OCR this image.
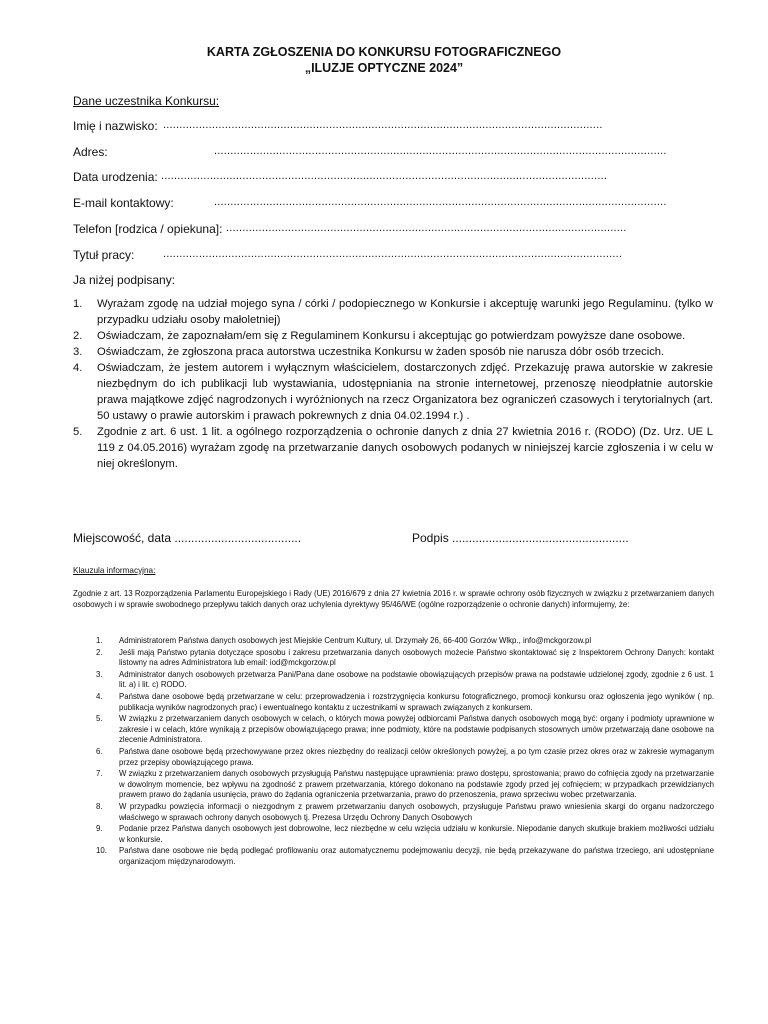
KARTA ZGŁOSZENIA DO KONKURSU FOTOGRAFICZNEGO
„ILUZJE OPTYCZNE 2024”
Dane uczestnika Konkursu:
Imię i nazwisko: .......................................................................................................................................
Adres:	...........................................................................................................................................
Data urodzenia: .........................................................................................................................................
E-mail kontaktowy:	...........................................................................................................................................
Telefon [rodzica / opiekuna]: ...........................................................................................................................
Tytuł pracy:	.............................................................................................................................................
Ja niżej podpisany:
1. Wyrażam zgodę na udział mojego syna / córki / podopiecznego w Konkursie i akceptuję warunki jego Regulaminu. (tylko w przypadku udziału osoby małoletniej)
2. Oświadczam, że zapoznałam/em się z Regulaminem Konkursu i akceptując go potwierdzam powyższe dane osobowe.
3. Oświadczam, że zgłoszona praca autorstwa uczestnika Konkursu w żaden sposób nie narusza dóbr osób trzecich.
4. Oświadczam, że jestem autorem i wyłącznym właścicielem, dostarczonych zdjęć. Przekazuję prawa autorskie w zakresie niezbędnym do ich publikacji lub wystawiania, udostępniania na stronie internetowej, przenoszę nieodpłatnie autorskie prawa majątkowe zdjęć nagrodzonych i wyróżnionych na rzecz Organizatora bez ograniczeń czasowych i terytorialnych (art. 50 ustawy o prawie autorskim i prawach pokrewnych z dnia 04.02.1994 r.) .
5. Zgodnie z art. 6 ust. 1 lit. a ogólnego rozporządzenia o ochronie danych z dnia 27 kwietnia 2016 r. (RODO) (Dz. Urz. UE L 119 z 04.05.2016) wyrażam zgodę na przetwarzanie danych osobowych podanych w niniejszej karcie zgłoszenia i w celu w niej określonym.
Miejscowość, data ......................................	Podpis .....................................................
Klauzula informacyjna:
Zgodnie z art. 13 Rozporządzenia Parlamentu Europejskiego i Rady (UE) 2016/679 z dnia 27 kwietnia 2016 r. w sprawie ochrony osób fizycznych w związku z przetwarzaniem danych osobowych i w sprawie swobodnego przepływu takich danych oraz uchylenia dyrektywy 95/46/WE (ogólne rozporządzenie o ochronie danych) informujemy, że:
1. Administratorem Państwa danych osobowych jest Miejskie Centrum Kultury, ul. Drzymały 26, 66-400 Gorzów Wlkp., info@mckgorzow.pl
2. Jeśli mają Państwo pytania dotyczące sposobu i zakresu przetwarzania danych osobowych możecie Państwo skontaktować się z Inspektorem Ochrony Danych: kontakt listowny na adres Administratora lub email: iod@mckgorzow.pl
3. Administrator danych osobowych przetwarza Pani/Pana dane osobowe na podstawie obowiązujących przepisów prawa na podstawie udzielonej zgody, zgodnie z 6 ust. 1 lit. a) i lit. c) RODO.
4. Państwa dane osobowe będą przetwarzane w celu: przeprowadzenia i rozstrzygnięcia konkursu fotograficznego, promocji konkursu oraz ogłoszenia jego wyników ( np. publikacja wyników nagrodzonych prac) i ewentualnego kontaktu z uczestnikami w sprawach związanych z konkursem.
5. W związku z przetwarzaniem danych osobowych w celach, o których mowa powyżej odbiorcami Państwa danych osobowych mogą być: organy i podmioty uprawnione w zakresie i w celach, które wynikają z przepisów obowiązującego prawa; inne podmioty, które na podstawie podpisanych stosownych umów przetwarzają dane osobowe na zlecenie Administratora.
6. Państwa dane osobowe będą przechowywane przez okres niezbędny do realizacji celów określonych powyżej, a po tym czasie przez okres oraz w zakresie wymaganym przez przepisy obowiązującego prawa.
7. W związku z przetwarzaniem danych osobowych przysługują Państwu następujące uprawnienia: prawo dostępu, sprostowania; prawo do cofnięcia zgody na przetwarzanie w dowolnym momencie, bez wpływu na zgodność z prawem przetwarzania, którego dokonano na podstawie zgody przed jej cofnięciem; w przypadkach przewidzianych prawem prawo do żądania usunięcia, prawo do żądania ograniczenia przetwarzania, prawo do przenoszenia, prawo sprzeciwu wobec przetwarzania.
8. W przypadku powzięcia informacji o niezgodnym z prawem przetwarzaniu danych osobowych, przysługuje Państwu prawo wniesienia skargi do organu nadzorczego właściwego w sprawach ochrony danych osobowych tj. Prezesa Urzędu Ochrony Danych Osobowych
9. Podanie przez Państwa danych osobowych jest dobrowolne, lecz niezbędne w celu wzięcia udziału w konkursie. Niepodanie danych skutkuje brakiem możliwości udziału w konkursie.
10. Państwa dane osobowe nie będą podlegać profilowaniu oraz automatycznemu podejmowaniu decyzji, nie będą przekazywane do państwa trzeciego, ani udostępniane organizacjom międzynarodowym.
